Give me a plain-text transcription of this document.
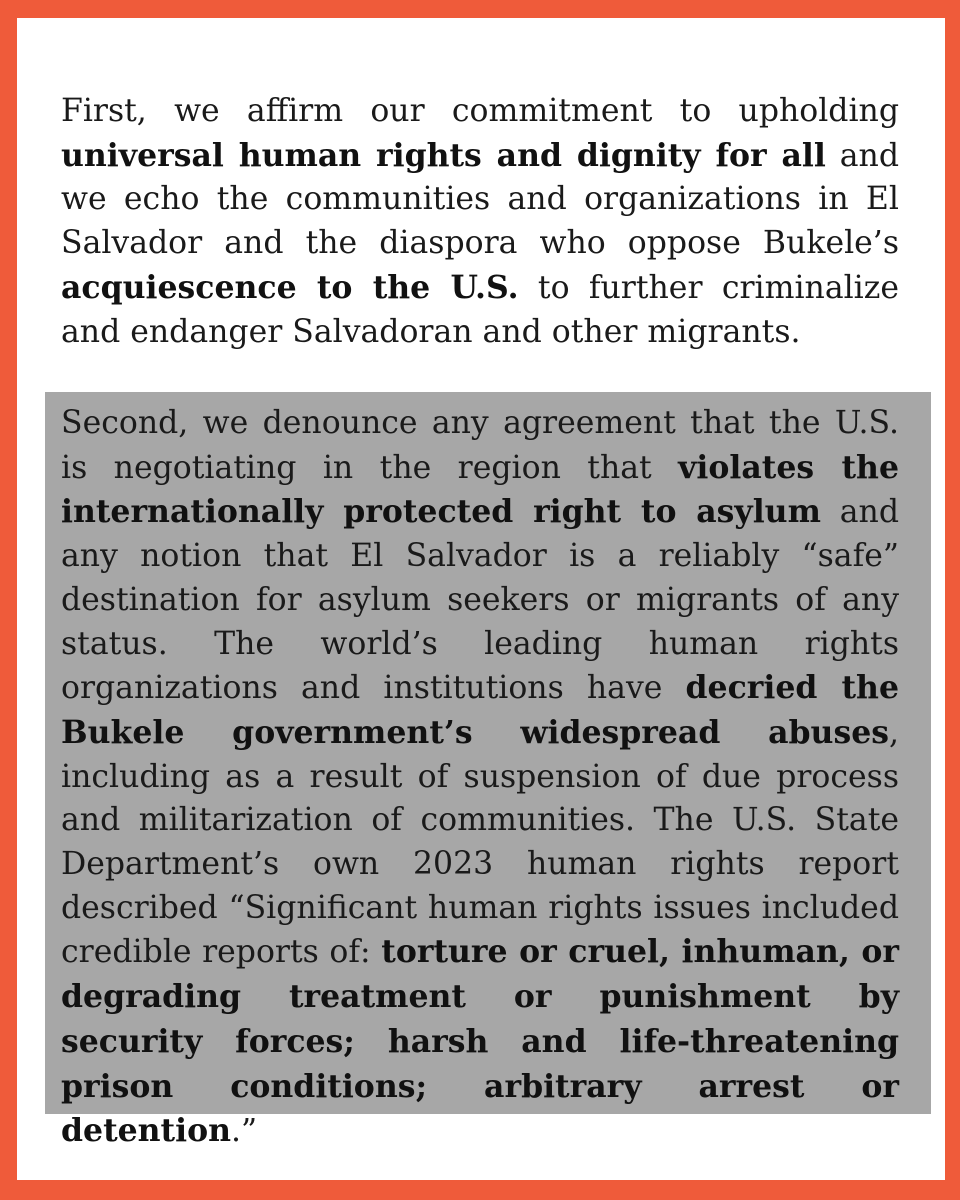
First, we affirm our commitment to upholding universal human rights and dignity for all and we echo the communities and organizations in El Salvador and the diaspora who oppose Bukele’s acquiescence to the U.S. to further criminalize and endanger Salvadoran and other migrants.

Second, we denounce any agreement that the U.S. is negotiating in the region that violates the internationally protected right to asylum and any notion that El Salvador is a reliably “safe” destination for asylum seekers or migrants of any status. The world’s leading human rights organizations and institutions have decried the Bukele government’s widespread abuses, including as a result of suspension of due process and militarization of communities. The U.S. State Department’s own 2023 human rights report described “Significant human rights issues included credible reports of: torture or cruel, inhuman, or degrading treatment or punishment by security forces; harsh and life-threatening prison conditions; arbitrary arrest or detention.”
